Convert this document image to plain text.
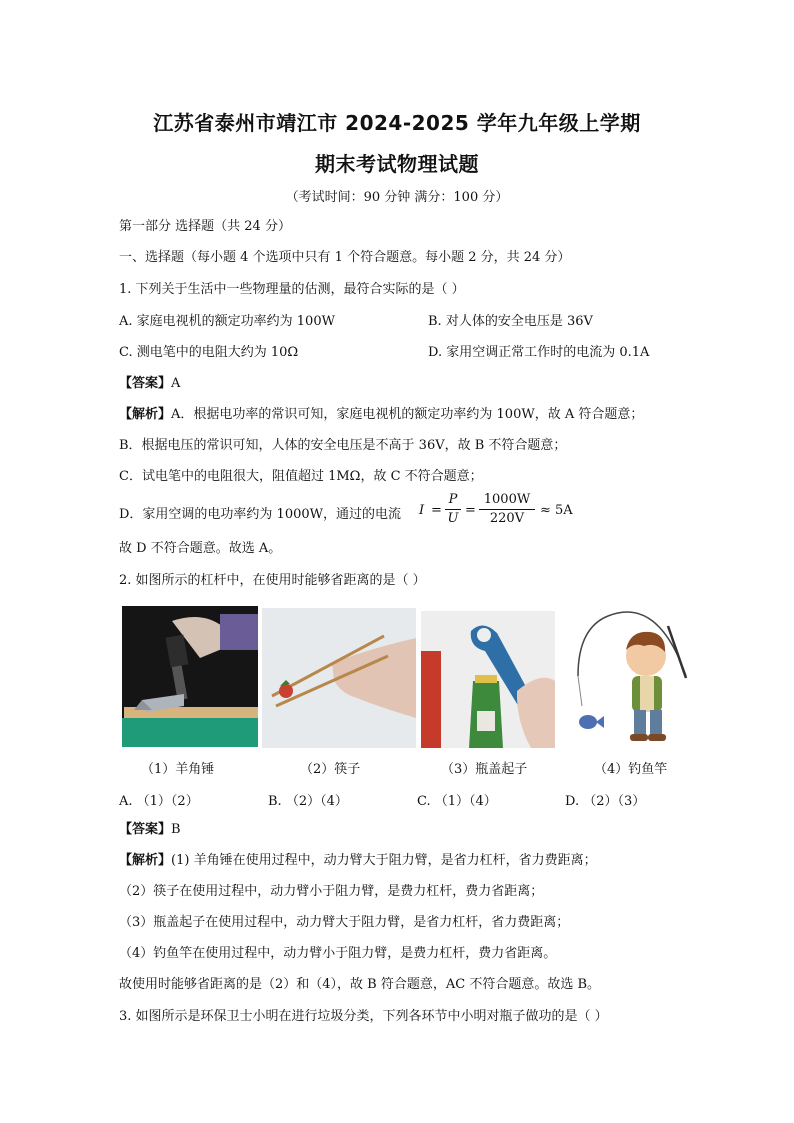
江苏省泰州市靖江市 2024-2025 学年九年级上学期
期末考试物理试题
（考试时间：90 分钟 满分：100 分）
第一部分 选择题（共 24 分）
一、选择题（每小题 4 个选项中只有 1 个符合题意。每小题 2 分，共 24 分）
1. 下列关于生活中一些物理量的估测，最符合实际的是（ ）
A. 家庭电视机的额定功率约为 100W	B. 对人体的安全电压是 36V
C. 测电笔中的电阻大约为 10Ω	D. 家用空调正常工作时的电流为 0.1A
【答案】A
【解析】A．根据电功率的常识可知，家庭电视机的额定功率约为 100W，故 A 符合题意；
B．根据电压的常识可知，人体的安全电压是不高于 36V，故 B 不符合题意；
C．试电笔中的电阻很大，阻值超过 1MΩ，故 C 不符合题意；
D．家用空调的电功率约为 1000W，通过的电流 I =
P
U
=
1000W
220V
≈ 5A
故 D 不符合题意。故选 A。
2. 如图所示的杠杆中，在使用时能够省距离的是（ ）
（1）羊角锤	（2）筷子	（3）瓶盖起子	（4）钓鱼竿
A. （1）（2）	B. （2）（4）	C. （1）（4）	D. （2）（3）
【答案】B
【解析】(1) 羊角锤在使用过程中，动力臂大于阻力臂，是省力杠杆，省力费距离；
（2）筷子在使用过程中，动力臂小于阻力臂，是费力杠杆，费力省距离；
（3）瓶盖起子在使用过程中，动力臂大于阻力臂，是省力杠杆，省力费距离；
（4）钓鱼竿在使用过程中，动力臂小于阻力臂，是费力杠杆，费力省距离。
故使用时能够省距离的是（2）和（4），故 B 符合题意，AC 不符合题意。故选 B。
3. 如图所示是环保卫士小明在进行垃圾分类，下列各环节中小明对瓶子做功的是（ ）
